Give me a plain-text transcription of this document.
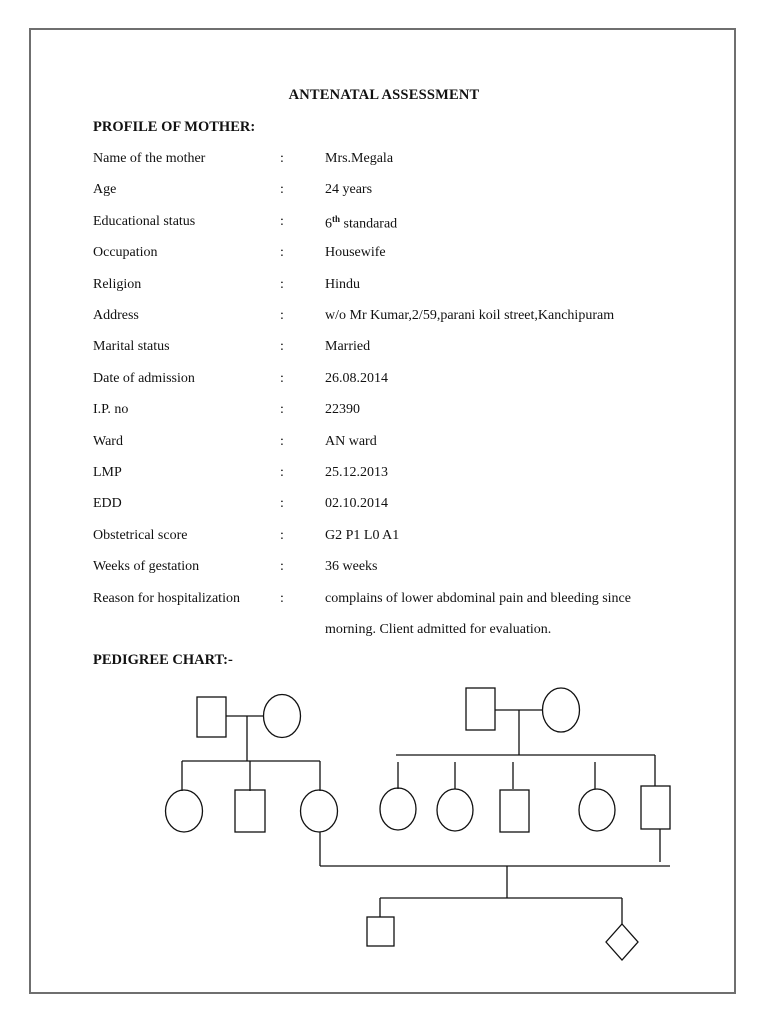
ANTENATAL ASSESSMENT
PROFILE OF MOTHER:
Name of the mother	:	Mrs.Megala
Age	:	24 years
Educational status	:	6th standarad
Occupation	:	Housewife
Religion	:	Hindu
Address	:	w/o Mr Kumar,2/59,parani koil street,Kanchipuram
Marital status	:	Married
Date of admission	:	26.08.2014
I.P. no	:	22390
Ward	:	AN ward
LMP	:	25.12.2013
EDD	:	02.10.2014
Obstetrical score	:	G2 P1 L0 A1
Weeks of gestation	:	36 weeks
Reason for hospitalization	:	complains of lower abdominal pain and bleeding since
morning. Client admitted for evaluation.
PEDIGREE CHART:-
